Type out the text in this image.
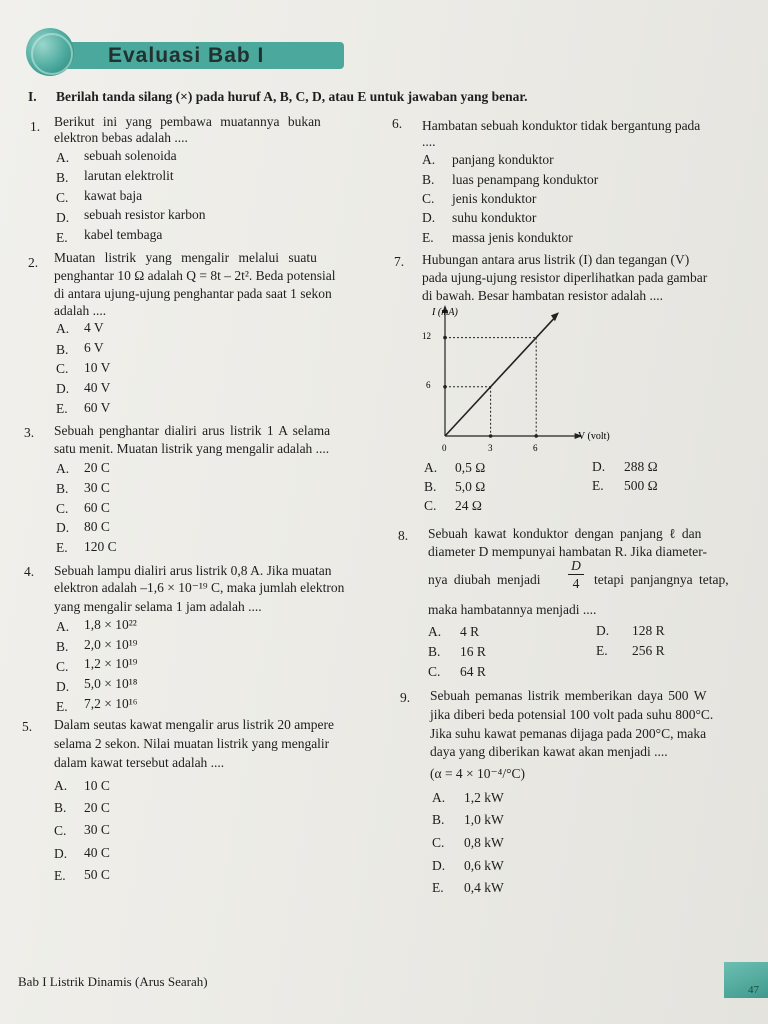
Evaluasi Bab I
I. Berilah tanda silang (×) pada huruf A, B, C, D, atau E untuk jawaban yang benar.
1. Berikut ini yang pembawa muatannya bukan
elektron bebas adalah ....
A. sebuah solenoida
B. larutan elektrolit
C. kawat baja
D. sebuah resistor karbon
E. kabel tembaga
2. Muatan listrik yang mengalir melalui suatu
penghantar 10 Ω adalah Q = 8t – 2t². Beda potensial
di antara ujung-ujung penghantar pada saat 1 sekon
adalah ....
A. 4 V
B. 6 V
C. 10 V
D. 40 V
E. 60 V
3. Sebuah penghantar dialiri arus listrik 1 A selama
satu menit. Muatan listrik yang mengalir adalah ....
A. 20 C
B. 30 C
C. 60 C
D. 80 C
E. 120 C
4. Sebuah lampu dialiri arus listrik 0,8 A. Jika muatan
elektron adalah –1,6 × 10⁻¹⁹ C, maka jumlah elektron
yang mengalir selama 1 jam adalah ....
A. 1,8 × 10²²
B. 2,0 × 10¹⁹
C. 1,2 × 10¹⁹
D. 5,0 × 10¹⁸
E. 7,2 × 10¹⁶
5. Dalam seutas kawat mengalir arus listrik 20 ampere
selama 2 sekon. Nilai muatan listrik yang mengalir
dalam kawat tersebut adalah ....
A. 10 C
B. 20 C
C. 30 C
D. 40 C
E. 50 C
6. Hambatan sebuah konduktor tidak bergantung pada
....
A. panjang konduktor
B. luas penampang konduktor
C. jenis konduktor
D. suhu konduktor
E. massa jenis konduktor
7. Hubungan antara arus listrik (I) dan tegangan (V)
pada ujung-ujung resistor diperlihatkan pada gambar
di bawah. Besar hambatan resistor adalah ....
I (mA)
V (volt)
0	3	6
6
12
A. 0,5 Ω
B. 5,0 Ω
C. 24 Ω
D. 288 Ω
E. 500 Ω
8. Sebuah kawat konduktor dengan panjang ℓ dan
diameter D mempunyai hambatan R. Jika diameter-
nya diubah menjadi
D
4	tetapi panjangnya tetap,
maka hambatannya menjadi ....
A. 4 R
B. 16 R
C. 64 R
D. 128 R
E. 256 R
9. Sebuah pemanas listrik memberikan daya 500 W
jika diberi beda potensial 100 volt pada suhu 800°C.
Jika suhu kawat pemanas dijaga pada 200°C, maka
daya yang diberikan kawat akan menjadi ....
(α = 4 × 10⁻⁴/°C)
A. 1,2 kW
B. 1,0 kW
C. 0,8 kW
D. 0,6 kW
E. 0,4 kW
Bab I Listrik Dinamis (Arus Searah)
47
